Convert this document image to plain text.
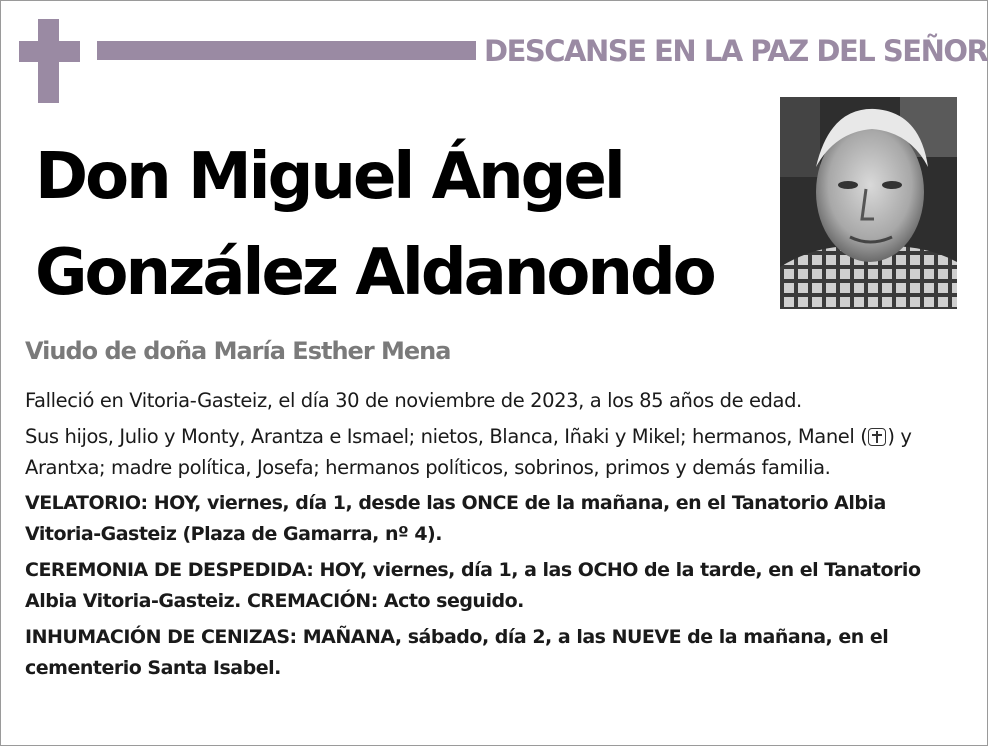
DESCANSE EN LA PAZ DEL SEÑOR
Don Miguel Ángel
González Aldanondo
Viudo de doña María Esther Mena

Falleció en Vitoria-Gasteiz, el día 30 de noviembre de 2023, a los 85 años de edad.

Sus hijos, Julio y Monty, Arantza e Ismael; nietos, Blanca, Iñaki y Mikel; hermanos, Manel ( ) y Arantxa; madre política, Josefa; hermanos políticos, sobrinos, primos y demás familia.

VELATORIO: HOY, viernes, día 1, desde las ONCE de la mañana, en el Tanatorio Albia Vitoria-Gasteiz (Plaza de Gamarra, nº 4).

CEREMONIA DE DESPEDIDA: HOY, viernes, día 1, a las OCHO de la tarde, en el Tanatorio Albia Vitoria-Gasteiz. CREMACIÓN: Acto seguido.

INHUMACIÓN DE CENIZAS: MAÑANA, sábado, día 2, a las NUEVE de la mañana, en el cementerio Santa Isabel.
